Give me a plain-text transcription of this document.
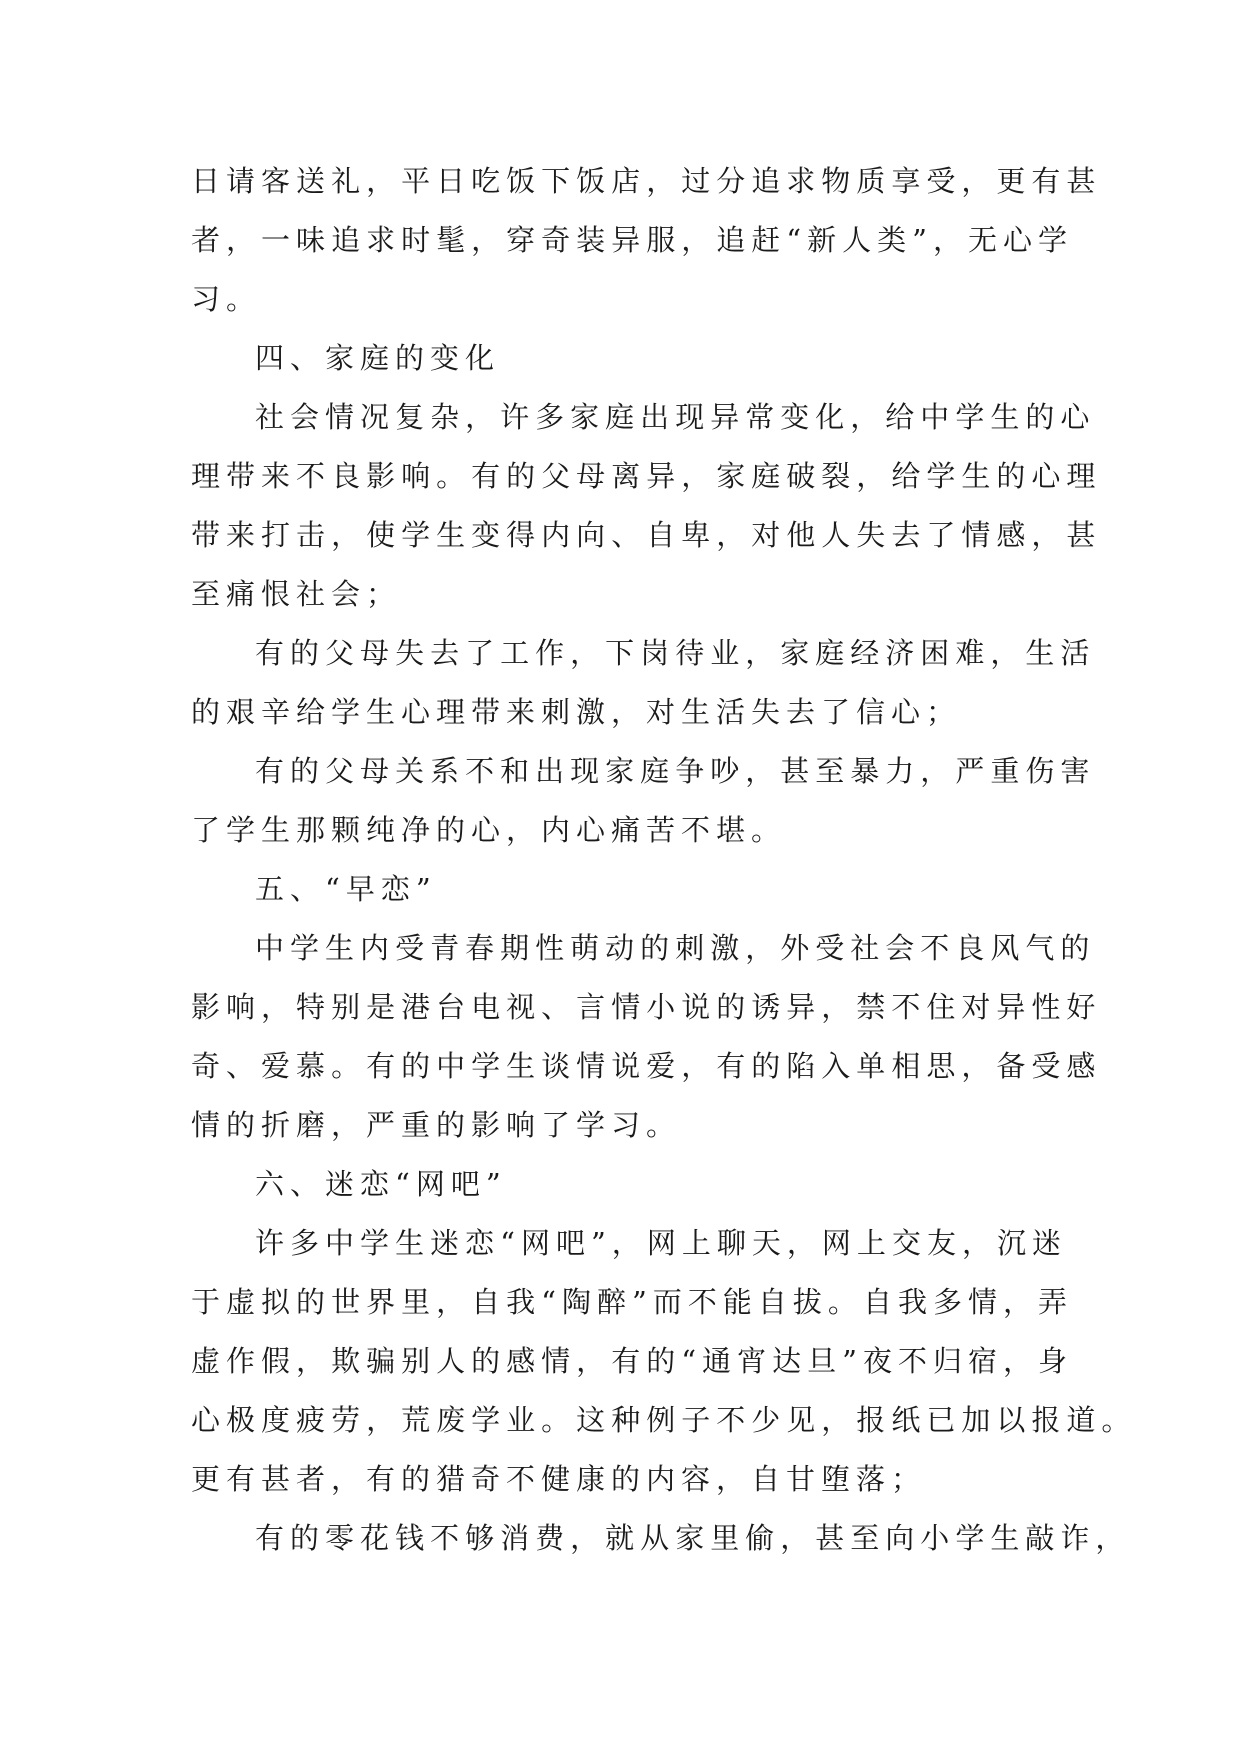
日 请 客 送 礼 ， 平 日 吃 饭 下 饭 店 ， 过 分 追 求 物 质 享 受 ， 更 有 甚
者 ， 一 味 追 求 时 髦 ， 穿 奇 装 异 服 ， 追 赶 “ 新 人 类 ” ， 无 心 学
习。
四、家庭的变化
社 会 情 况 复 杂 ， 许 多 家 庭 出 现 异 常 变 化 ， 给 中 学 生 的 心
理 带 来 不 良 影 响 。 有 的 父 母 离 异 ， 家 庭 破 裂 ， 给 学 生 的 心 理
带 来 打 击 ， 使 学 生 变 得 内 向 、 自 卑 ， 对 他 人 失 去 了 情 感 ， 甚
至痛恨社会；
有 的 父 母 失 去 了 工 作 ， 下 岗 待 业 ， 家 庭 经 济 困 难 ， 生 活
的艰辛给学生心理带来刺激，对生活失去了信心；
有 的 父 母 关 系 不 和 出 现 家 庭 争 吵 ， 甚 至 暴 力 ， 严 重 伤 害
了学生那颗纯净的心，内心痛苦不堪。
五、“早恋”
中 学 生 内 受 青 春 期 性 萌 动 的 刺 激 ， 外 受 社 会 不 良 风 气 的
影 响 ， 特 别 是 港 台 电 视 、 言 情 小 说 的 诱 异 ， 禁 不 住 对 异 性 好
奇 、 爱 慕 。 有 的 中 学 生 谈 情 说 爱 ， 有 的 陷 入 单 相 思 ， 备 受 感
情的折磨，严重的影响了学习。
六、迷恋“网吧”
许 多 中 学 生 迷 恋 “ 网 吧 ” ， 网 上 聊 天 ， 网 上 交 友 ， 沉 迷
于 虚 拟 的 世 界 里 ， 自 我 “ 陶 醉 ” 而 不 能 自 拔 。 自 我 多 情 ， 弄
虚 作 假 ， 欺 骗 别 人 的 感 情 ， 有 的 “ 通 宵 达 旦 ” 夜 不 归 宿 ， 身
心 极 度 疲 劳 ， 荒 废 学 业 。 这 种 例 子 不 少 见 ， 报 纸 已 加 以 报 道 。
更有甚者，有的猎奇不健康的内容，自甘堕落；
有 的 零 花 钱 不 够 消 费 ， 就 从 家 里 偷 ， 甚 至 向 小 学 生 敲 诈 ，
